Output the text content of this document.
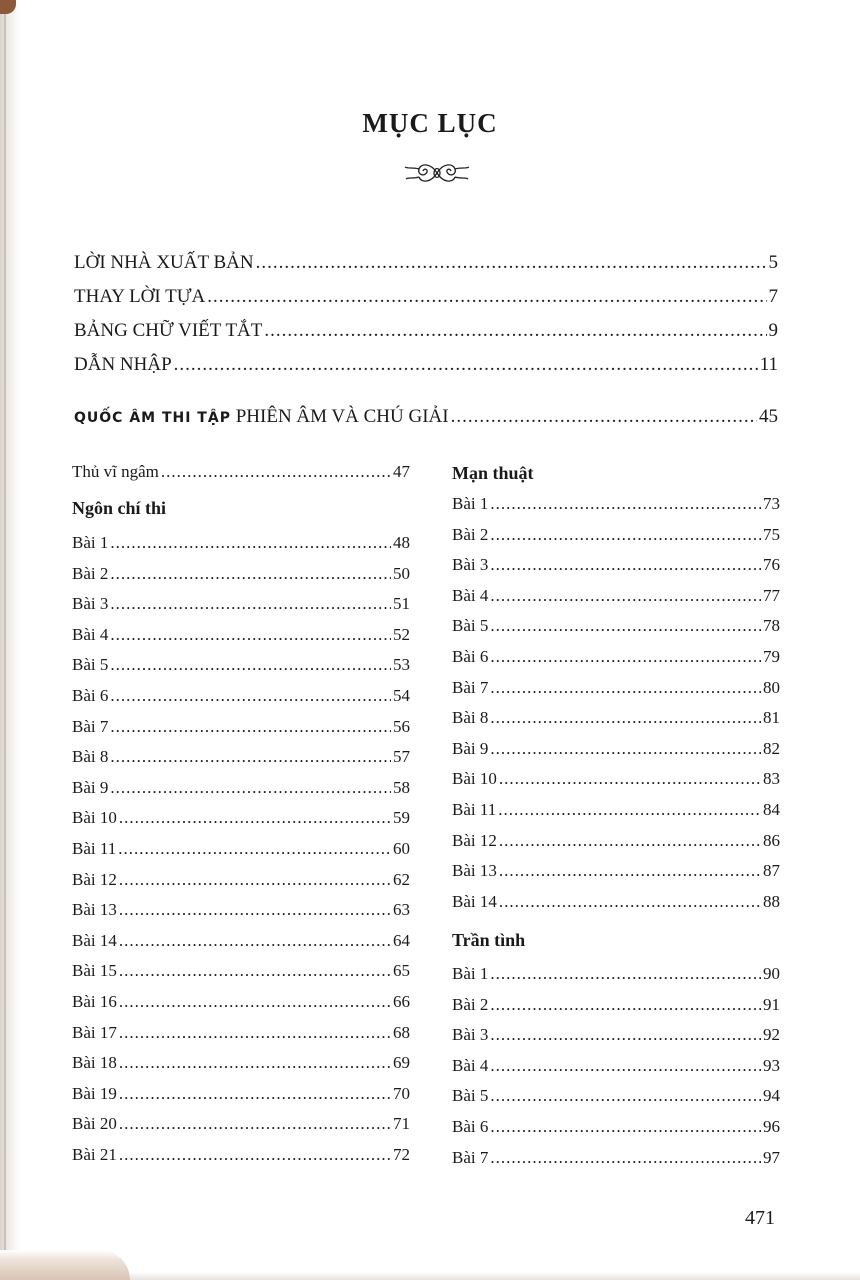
MỤC LỤC
LỜI NHÀ XUẤT BẢN .....	5
THAY LỜI TỰA .....	7
BẢNG CHỮ VIẾT TẮT .....	9
DẪN NHẬP .....	11
QUỐC ÂM THI TẬP PHIÊN ÂM VÀ CHÚ GIẢI .....	45
Thủ vĩ ngâm .....	47
Ngôn chí thi
Bài 1 .....	48
Bài 2 .....	50
Bài 3 .....	51
Bài 4 .....	52
Bài 5 .....	53
Bài 6 .....	54
Bài 7 .....	56
Bài 8 .....	57
Bài 9 .....	58
Bài 10 .....	59
Bài 11 .....	60
Bài 12 .....	62
Bài 13 .....	63
Bài 14 .....	64
Bài 15 .....	65
Bài 16 .....	66
Bài 17 .....	68
Bài 18 .....	69
Bài 19 .....	70
Bài 20 .....	71
Bài 21 .....	72
Mạn thuật
Bài 1 .....	73
Bài 2 .....	75
Bài 3 .....	76
Bài 4 .....	77
Bài 5 .....	78
Bài 6 .....	79
Bài 7 .....	80
Bài 8 .....	81
Bài 9 .....	82
Bài 10 .....	83
Bài 11 .....	84
Bài 12 .....	86
Bài 13 .....	87
Bài 14 .....	88
Trần tình
Bài 1 .....	90
Bài 2 .....	91
Bài 3 .....	92
Bài 4 .....	93
Bài 5 .....	94
Bài 6 .....	96
Bài 7 .....	97
471
